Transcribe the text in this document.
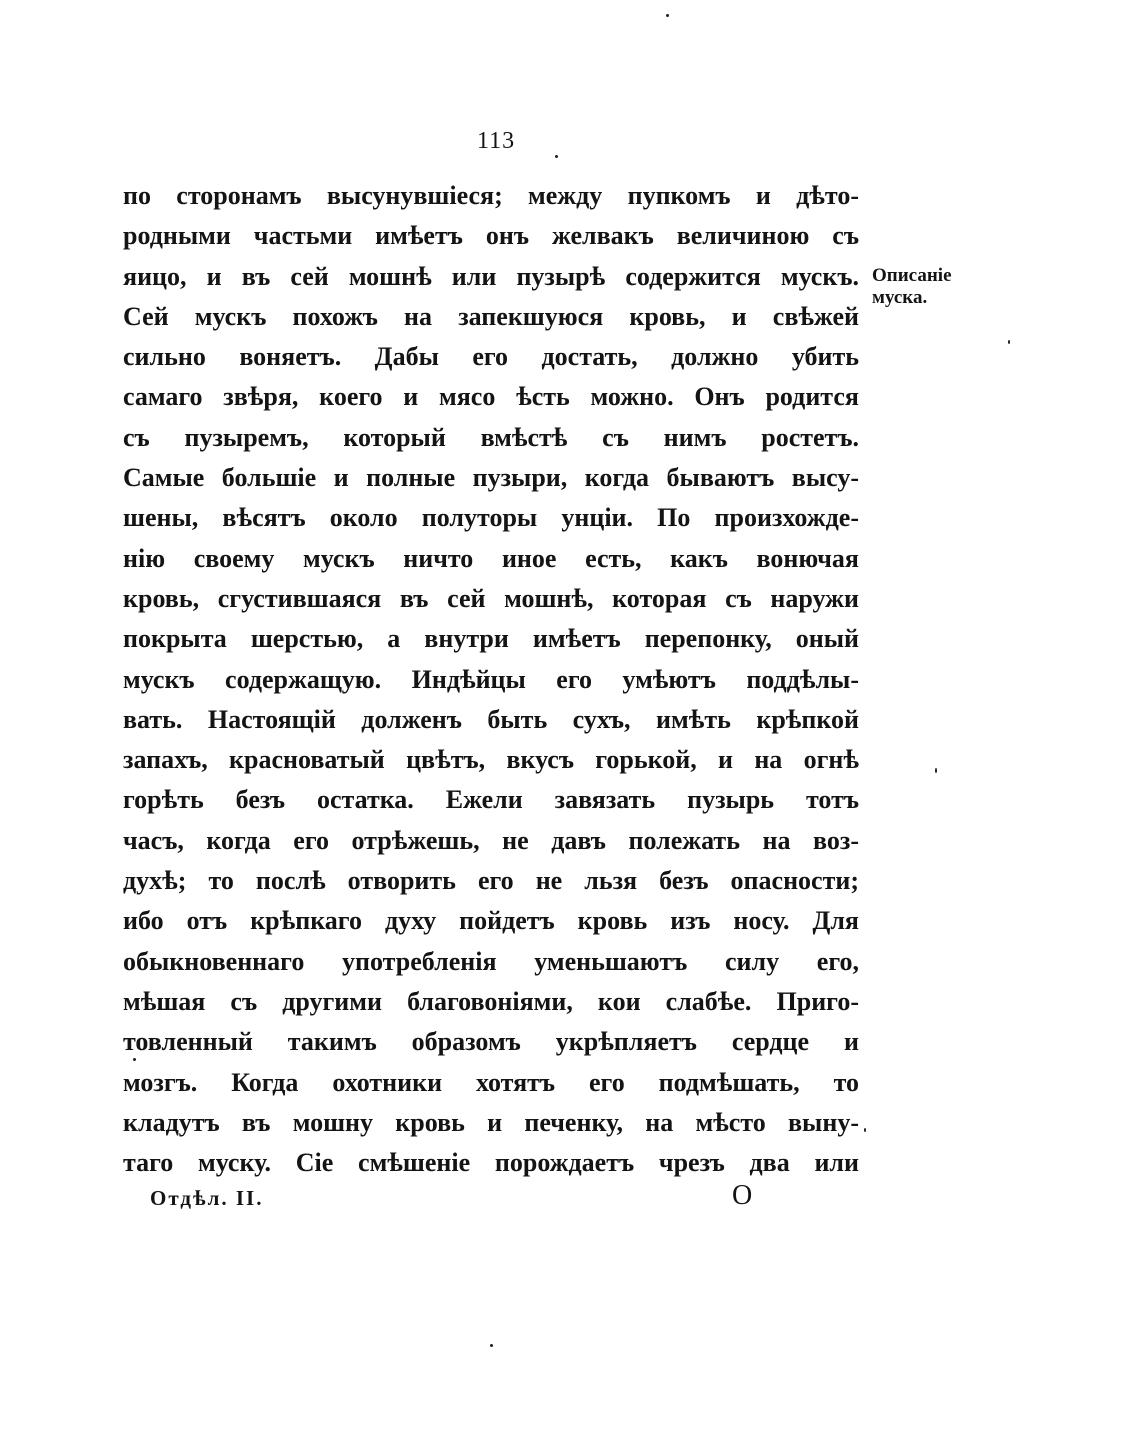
113
по сторонамъ высунувшіеся; между пупкомъ и дѣто-
родными частьми имѣетъ онъ желвакъ величиною съ
яицо, и въ сей мошнѣ или пузырѣ содержится мускъ.
Сей мускъ похожъ на запекшуюся кровь, и свѣжей
сильно воняетъ. Дабы его достать, должно убить
самаго звѣря, коего и мясо ѣсть можно. Онъ родится
съ пузыремъ, который вмѣстѣ съ нимъ ростетъ.
Самые большіе и полные пузыри, когда бываютъ высу-
шены, вѣсятъ около полуторы унціи. По произхожде-
нію своему мускъ ничто иное есть, какъ вонючая
кровь, сгустившаяся въ сей мошнѣ, которая съ наружи
покрыта шерстью, а внутри имѣетъ перепонку, оный
мускъ содержащую. Индѣйцы его умѣютъ поддѣлы-
вать. Настоящій долженъ быть сухъ, имѣть крѣпкой
запахъ, красноватый цвѣтъ, вкусъ горькой, и на огнѣ
горѣть безъ остатка. Ежели завязать пузырь тотъ
часъ, когда его отрѣжешь, не давъ полежать на воз-
духѣ; то послѣ отворить его не льзя безъ опасности;
ибо отъ крѣпкаго духу пойдетъ кровь изъ носу. Для
обыкновеннаго употребленія уменьшаютъ силу его,
мѣшая съ другими благовоніями, кои слабѣе. Приго-
товленный такимъ образомъ укрѣпляетъ сердце и
мозгъ. Когда охотники хотятъ его подмѣшать, то
кладутъ въ мошну кровь и печенку, на мѣсто выну-
таго муску. Сіе смѣшеніе порождаетъ чрезъ два или
Описаніе
муска.
Отдѣл. II.	О
